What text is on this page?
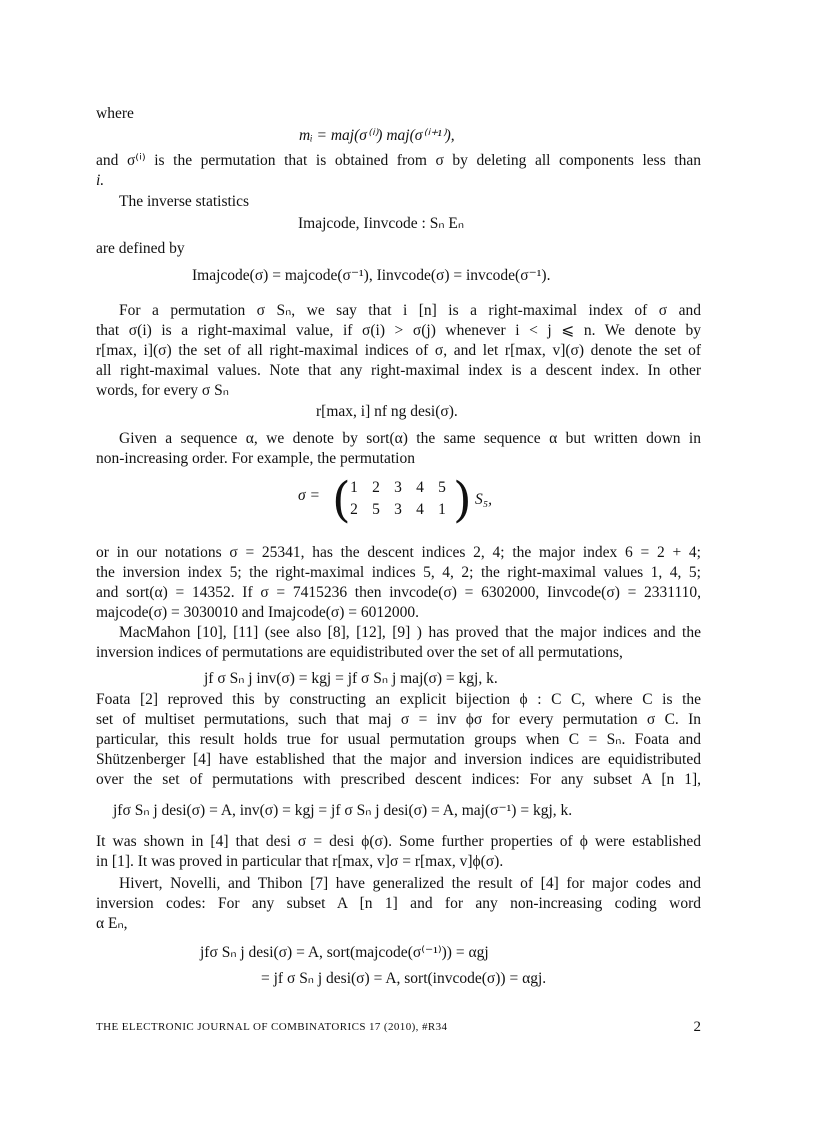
where
mᵢ = maj(σ⁽ⁱ⁾) maj(σ⁽ⁱ⁺¹⁾),
and σ⁽ⁱ⁾ is the permutation that is obtained from σ by deleting all components less than
i.
The inverse statistics
Imajcode, Iinvcode : Sₙ Eₙ
are defined by
Imajcode(σ) = majcode(σ⁻¹), Iinvcode(σ) = invcode(σ⁻¹).
For a permutation σ Sₙ, we say that i [n] is a right-maximal index of σ and
that σ(i) is a right-maximal value, if σ(i) > σ(j) whenever i < j ⩽ n. We denote by
r[max, i](σ) the set of all right-maximal indices of σ, and let r[max, v](σ) denote the set of
all right-maximal values. Note that any right-maximal index is a descent index. In other
words, for every σ Sₙ
r[max, i] nf ng desi(σ).
Given a sequence α, we denote by sort(α) the same sequence α but written down in
non-increasing order. For example, the permutation
σ = ( 1 2 3 4 5
2 5 3 4 1 ) S₅,
or in our notations σ = 25341, has the descent indices 2, 4; the major index 6 = 2 + 4;
the inversion index 5; the right-maximal indices 5, 4, 2; the right-maximal values 1, 4, 5;
and sort(α) = 14352. If σ = 7415236 then invcode(σ) = 6302000, Iinvcode(σ) = 2331110,
majcode(σ) = 3030010 and Imajcode(σ) = 6012000.
MacMahon [10], [11] (see also [8], [12], [9] ) has proved that the major indices and the
inversion indices of permutations are equidistributed over the set of all permutations,
jf σ Sₙ j inv(σ) = kgj = jf σ Sₙ j maj(σ) = kgj, k.
Foata [2] reproved this by constructing an explicit bijection ϕ : C C, where C is the
set of multiset permutations, such that maj σ = inv ϕσ for every permutation σ C. In
particular, this result holds true for usual permutation groups when C = Sₙ. Foata and
Shützenberger [4] have established that the major and inversion indices are equidistributed
over the set of permutations with prescribed descent indices: For any subset A [n 1],
jfσ Sₙ j desi(σ) = A, inv(σ) = kgj = jf σ Sₙ j desi(σ) = A, maj(σ⁻¹) = kgj, k.
It was shown in [4] that desi σ = desi ϕ(σ). Some further properties of ϕ were established
in [1]. It was proved in particular that r[max, v]σ = r[max, v]ϕ(σ).
Hivert, Novelli, and Thibon [7] have generalized the result of [4] for major codes and
inversion codes: For any subset A [n 1] and for any non-increasing coding word
α Eₙ,
jfσ Sₙ j desi(σ) = A, sort(majcode(σ⁽⁻¹⁾)) = αgj
= jf σ Sₙ j desi(σ) = A, sort(invcode(σ)) = αgj.
THE ELECTRONIC JOURNAL OF COMBINATORICS 17 (2010), #R34	2
